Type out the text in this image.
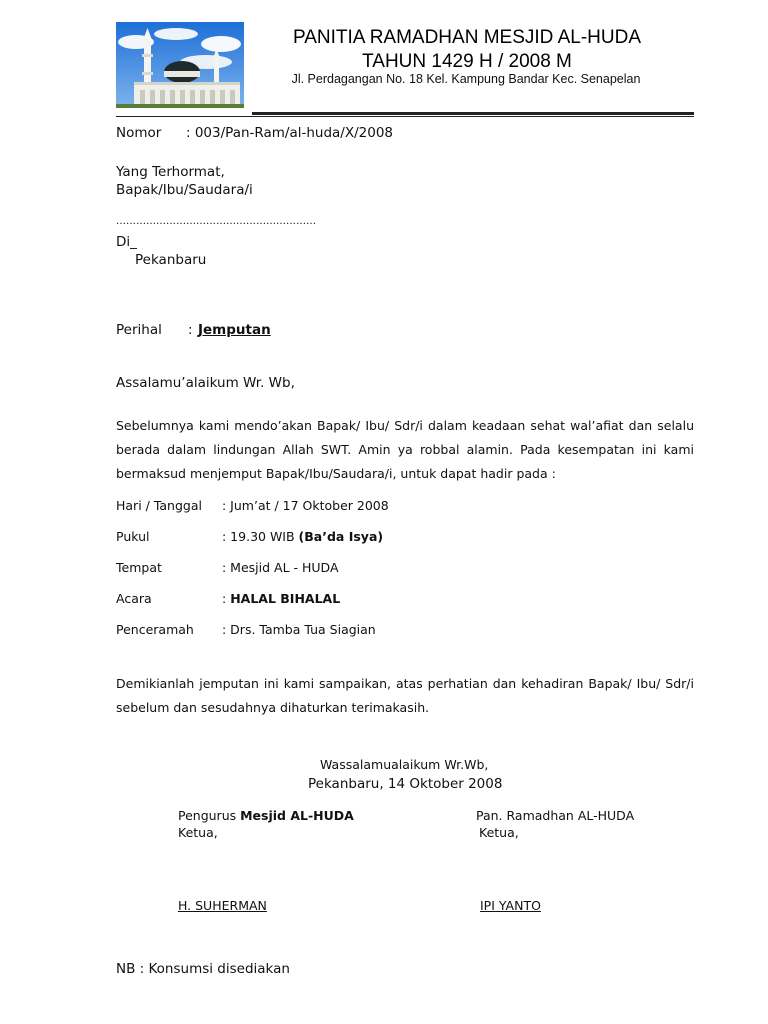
PANITIA RAMADHAN MESJID AL-HUDA
TAHUN 1429 H / 2008 M
Jl. Perdagangan No. 18 Kel. Kampung Bandar Kec. Senapelan
Nomor : 003/Pan-Ram/al-huda/X/2008
Yang Terhormat,
Bapak/Ibu/Saudara/i
……………………………………………………
Di_
Pekanbaru
Perihal : Jemputan
Assalamu’alaikum Wr. Wb,
Sebelumnya kami mendo’akan Bapak/ Ibu/ Sdr/i dalam keadaan sehat wal’afiat dan selalu berada dalam lindungan Allah SWT. Amin ya robbal alamin. Pada kesempatan ini kami bermaksud menjemput Bapak/Ibu/Saudara/i, untuk dapat hadir pada :
Hari / Tanggal : Jum’at / 17 Oktober 2008
Pukul	: 19.30 WIB (Ba’da Isya)
Tempat	: Mesjid AL - HUDA
Acara	: HALAL BIHALAL
Penceramah : Drs. Tamba Tua Siagian
Demikianlah jemputan ini kami sampaikan, atas perhatian dan kehadiran Bapak/ Ibu/ Sdr/i sebelum dan sesudahnya dihaturkan terimakasih.
Wassalamualaikum Wr.Wb,
Pekanbaru, 14 Oktober 2008
Pengurus Mesjid AL-HUDA
Ketua,
H. SUHERMAN
Pan. Ramadhan AL-HUDA
Ketua,
IPI YANTO
NB : Konsumsi disediakan
